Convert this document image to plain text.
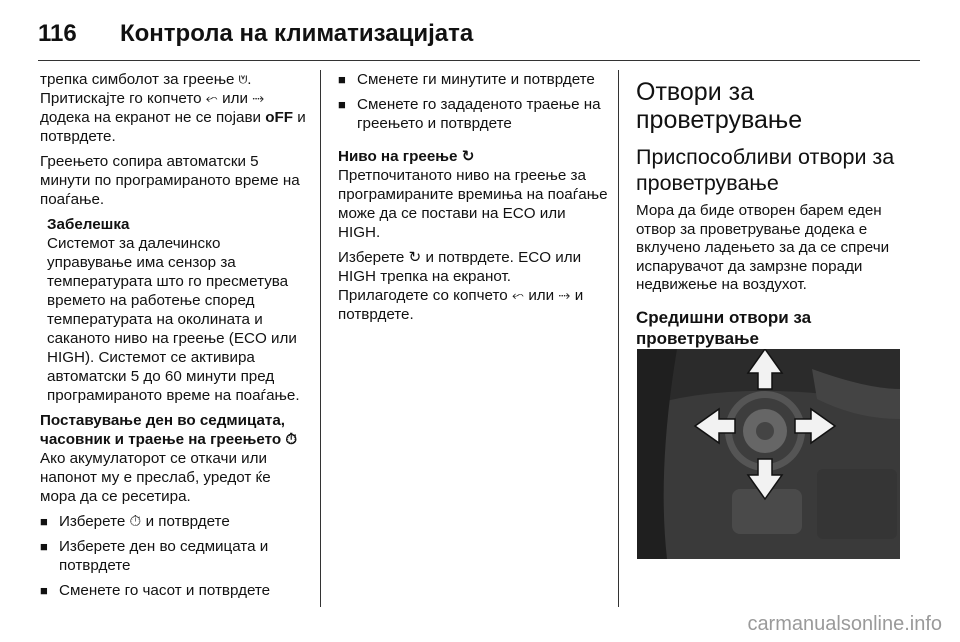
116 Контрола на климатизацијата

трепка симболот за греење ⩅. Притискајте го копчето ⬿ или ⤑ додека на екранот не се појави oFF и потврдете.

Греењето сопира автоматски 5 минути по програмираното време на поаѓање.

Забелешка

Системот за далечинско управување има сензор за температурата што го пресметува времето на работење според температурата на околината и саканото ниво на греење (ECO или HIGH). Системот се активира автоматски 5 до 60 минути пред програмираното време на поаѓање.

Поставување ден во седмицата, часовник и траење на греењето ⏱

Ако акумулаторот се откачи или напонот му е преслаб, уредот ќе мора да се ресетира.

■ Изберете ⏱ и потврдете
■ Изберете ден во седмицата и потврдете
■ Сменете го часот и потврдете
■ Сменете ги минутите и потврдете
■ Сменете го зададеното траење на греењето и потврдете

Ниво на греење ↻

Претпочитаното ниво на греење за програмираните времиња на поаѓање може да се постави на ECO или HIGH.

Изберете ↻ и потврдете. ECO или HIGH трепка на екранот.

Прилагодете со копчето ⬿ или ⤑ и потврдете.

Отвори за проветрување
Приспособливи отвори за проветрување

Мора да биде отворен барем еден отвор за проветрување додека е вклучено ладењето за да се спречи испарувачот да замрзне поради недвижење на воздухот.

Средишни отвори за проветрување
carmanualsonline.info
